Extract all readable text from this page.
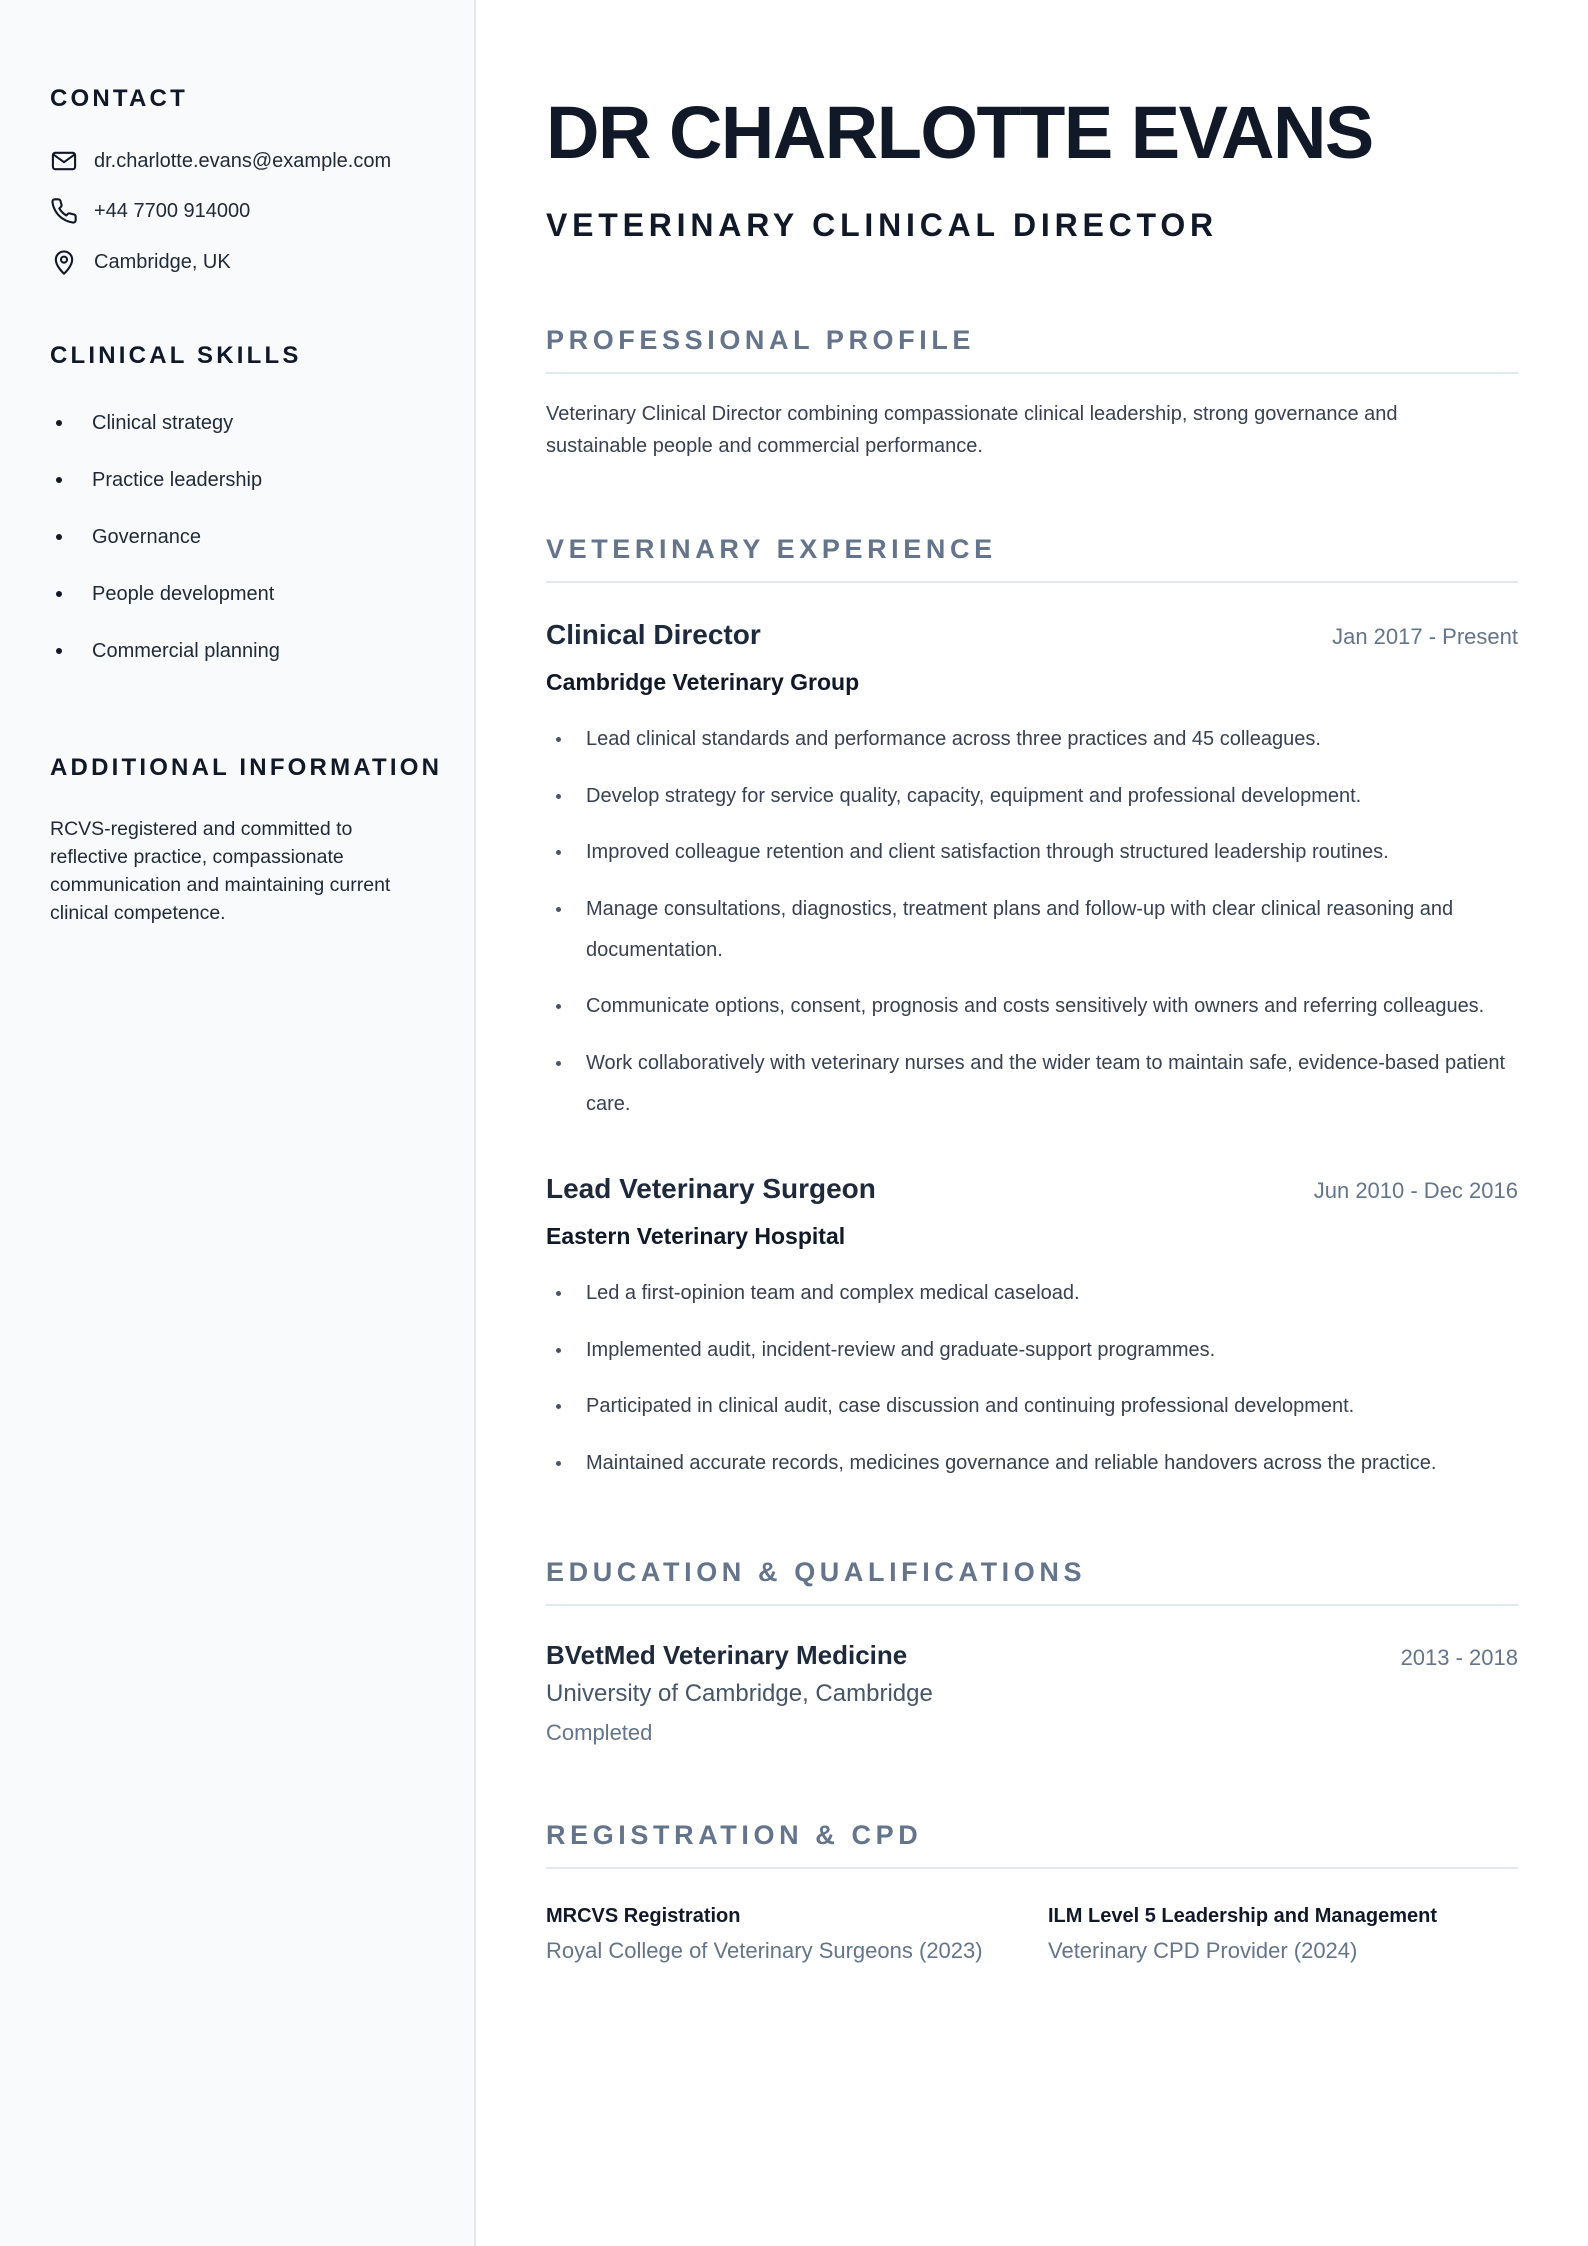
CONTACT
dr.charlotte.evans@example.com
+44 7700 914000
Cambridge, UK
CLINICAL SKILLS
Clinical strategy
Practice leadership
Governance
People development
Commercial planning
ADDITIONAL INFORMATION
RCVS-registered and committed to reflective practice, compassionate communication and maintaining current clinical competence.
DR CHARLOTTE EVANS
VETERINARY CLINICAL DIRECTOR
PROFESSIONAL PROFILE
Veterinary Clinical Director combining compassionate clinical leadership, strong governance and sustainable people and commercial performance.
VETERINARY EXPERIENCE
Clinical Director	Jan 2017 - Present
Cambridge Veterinary Group
Lead clinical standards and performance across three practices and 45 colleagues.
Develop strategy for service quality, capacity, equipment and professional development.
Improved colleague retention and client satisfaction through structured leadership routines.
Manage consultations, diagnostics, treatment plans and follow-up with clear clinical reasoning and documentation.
Communicate options, consent, prognosis and costs sensitively with owners and referring colleagues.
Work collaboratively with veterinary nurses and the wider team to maintain safe, evidence-based patient care.
Lead Veterinary Surgeon	Jun 2010 - Dec 2016
Eastern Veterinary Hospital
Led a first-opinion team and complex medical caseload.
Implemented audit, incident-review and graduate-support programmes.
Participated in clinical audit, case discussion and continuing professional development.
Maintained accurate records, medicines governance and reliable handovers across the practice.
EDUCATION & QUALIFICATIONS
BVetMed Veterinary Medicine	2013 - 2018
University of Cambridge, Cambridge
Completed
REGISTRATION & CPD
MRCVS Registration
Royal College of Veterinary Surgeons (2023)
ILM Level 5 Leadership and Management
Veterinary CPD Provider (2024)
